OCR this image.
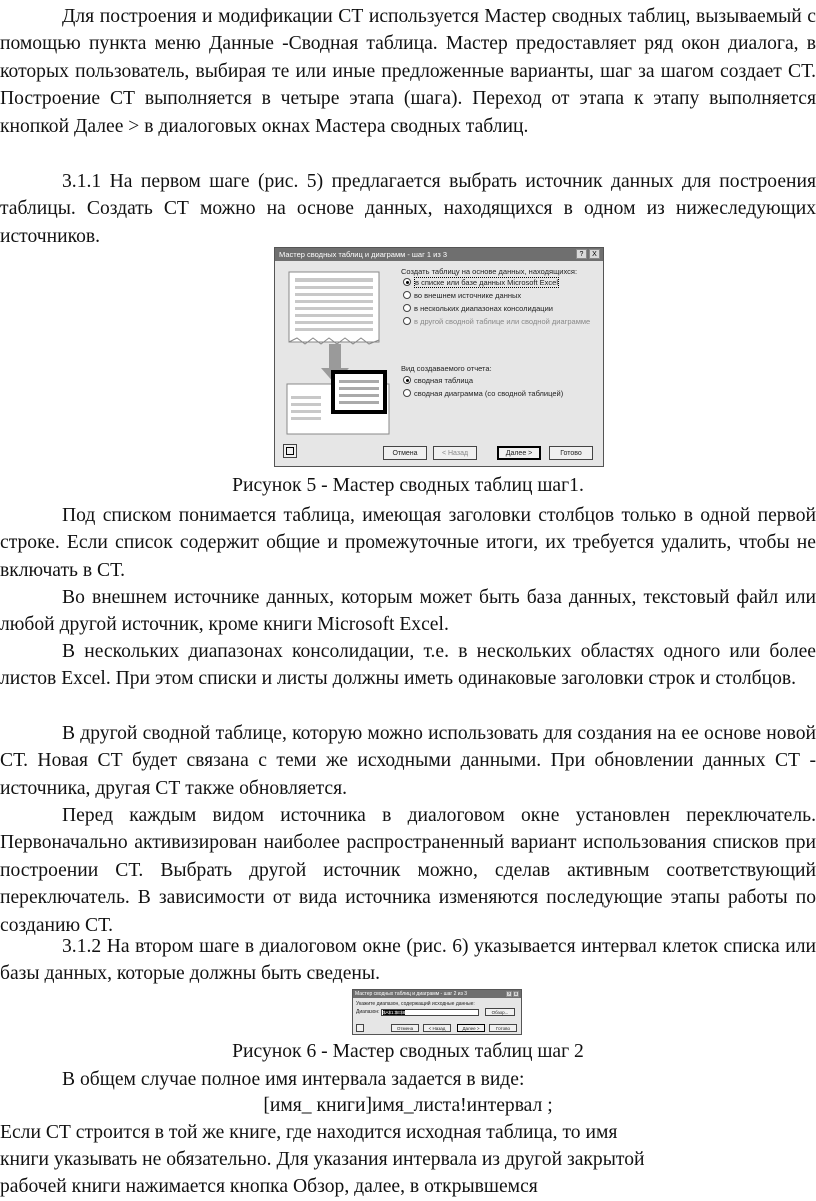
Для построения и модификации СТ используется Мастер сводных таблиц, вызываемый с помощью пункта меню Данные -Сводная таблица. Мастер предоставляет ряд окон диалога, в которых пользователь, выбирая те или иные предложенные варианты, шаг за шагом создает СТ. Построение СТ выполняется в четыре этапа (шага). Переход от этапа к этапу выполняется кнопкой Далее > в диалоговых окнах Мастера сводных таблиц.

3.1.1 На первом шаге (рис. 5) предлагается выбрать источник данных для построения таблицы. Создать СТ можно на основе данных, находящихся в одном из нижеследующих источников.

Мастер сводных таблиц и диаграмм - шаг 1 из 3	?	X
Создать таблицу на основе данных, находящихся:
в списке или базе данных Microsoft Excel
во внешнем источнике данных
в нескольких диапазонах консолидации
в другой сводной таблице или сводной диаграмме
Вид создаваемого отчета:
сводная таблица
сводная диаграмма (со сводной таблицей)
Отмена	< Назад	Далее >	Готово

Рисунок 5 - Мастер сводных таблиц шаг1.

Под списком понимается таблица, имеющая заголовки столбцов только в одной первой строке. Если список содержит общие и промежуточные итоги, их требуется удалить, чтобы не включать в СТ.

Во внешнем источнике данных, которым может быть база данных, текстовый файл или любой другой источник, кроме книги Microsoft Excel.

В нескольких диапазонах консолидации, т.е. в нескольких областях одного или более листов Excel. При этом списки и листы должны иметь одинаковые заголовки строк и столбцов.

В другой сводной таблице, которую можно использовать для создания на ее основе новой СТ. Новая СТ будет связана с теми же исходными данными. При обновлении данных СТ - источника, другая СТ также обновляется.

Перед каждым видом источника в диалоговом окне установлен переключатель. Первоначально активизирован наиболее распространенный вариант использования списков при построении СТ. Выбрать другой источник можно, сделав активным соответствующий переключатель. В зависимости от вида источника изменяются последующие этапы работы по созданию СТ.

3.1.2 На втором шаге в диалоговом окне (рис. 6) указывается интервал клеток списка или базы данных, которые должны быть сведены.

Мастер сводных таблиц и диаграмм - шаг 2 из 3	?	X
Укажите диапазон, содержащий исходные данные:
Диапазон: $A$1:$E$8	Обзор...
Отмена	< Назад	Далее >	Готово

Рисунок 6 - Мастер сводных таблиц шаг 2

В общем случае полное имя интервала задается в виде:

[имя_ книги]имя_листа!интервал ;

Если СТ строится в той же книге, где находится исходная таблица, то имя

книги указывать не обязательно. Для указания интервала из другой закрытой

рабочей книги нажимается кнопка Обзор, далее, в открывшемся
